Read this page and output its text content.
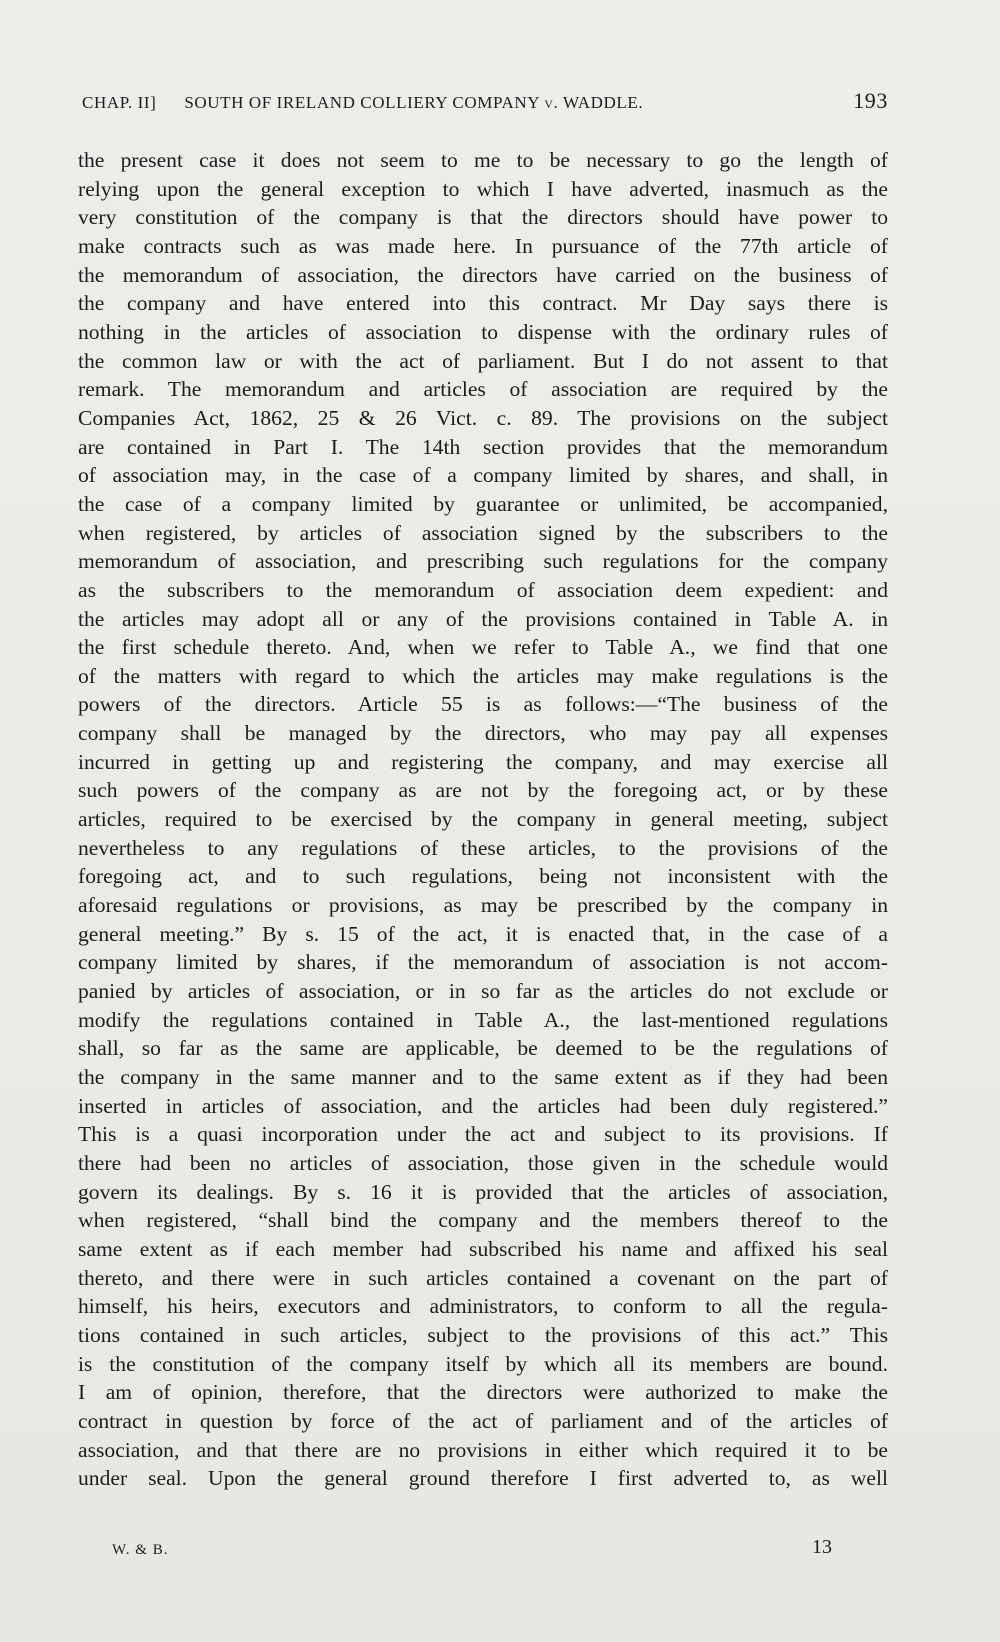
CHAP. II] SOUTH OF IRELAND COLLIERY COMPANY v. WADDLE.	193
the present case it does not seem to me to be necessary to go the length of
relying upon the general exception to which I have adverted, inasmuch as the
very constitution of the company is that the directors should have power to
make contracts such as was made here. In pursuance of the 77th article of
the memorandum of association, the directors have carried on the business of
the company and have entered into this contract. Mr Day says there is
nothing in the articles of association to dispense with the ordinary rules of
the common law or with the act of parliament. But I do not assent to that
remark. The memorandum and articles of association are required by the
Companies Act, 1862, 25 & 26 Vict. c. 89. The provisions on the subject
are contained in Part I. The 14th section provides that the memorandum
of association may, in the case of a company limited by shares, and shall, in
the case of a company limited by guarantee or unlimited, be accompanied,
when registered, by articles of association signed by the subscribers to the
memorandum of association, and prescribing such regulations for the company
as the subscribers to the memorandum of association deem expedient: and
the articles may adopt all or any of the provisions contained in Table A. in
the first schedule thereto. And, when we refer to Table A., we find that one
of the matters with regard to which the articles may make regulations is the
powers of the directors. Article 55 is as follows:—“The business of the
company shall be managed by the directors, who may pay all expenses
incurred in getting up and registering the company, and may exercise all
such powers of the company as are not by the foregoing act, or by these
articles, required to be exercised by the company in general meeting, subject
nevertheless to any regulations of these articles, to the provisions of the
foregoing act, and to such regulations, being not inconsistent with the
aforesaid regulations or provisions, as may be prescribed by the company in
general meeting.” By s. 15 of the act, it is enacted that, in the case of a
company limited by shares, if the memorandum of association is not accom-
panied by articles of association, or in so far as the articles do not exclude or
modify the regulations contained in Table A., the last-mentioned regulations
shall, so far as the same are applicable, be deemed to be the regulations of
the company in the same manner and to the same extent as if they had been
inserted in articles of association, and the articles had been duly registered.”
This is a quasi incorporation under the act and subject to its provisions. If
there had been no articles of association, those given in the schedule would
govern its dealings. By s. 16 it is provided that the articles of association,
when registered, “shall bind the company and the members thereof to the
same extent as if each member had subscribed his name and affixed his seal
thereto, and there were in such articles contained a covenant on the part of
himself, his heirs, executors and administrators, to conform to all the regula-
tions contained in such articles, subject to the provisions of this act.” This
is the constitution of the company itself by which all its members are bound.
I am of opinion, therefore, that the directors were authorized to make the
contract in question by force of the act of parliament and of the articles of
association, and that there are no provisions in either which required it to be
under seal. Upon the general ground therefore I first adverted to, as well
W. & B.	13
